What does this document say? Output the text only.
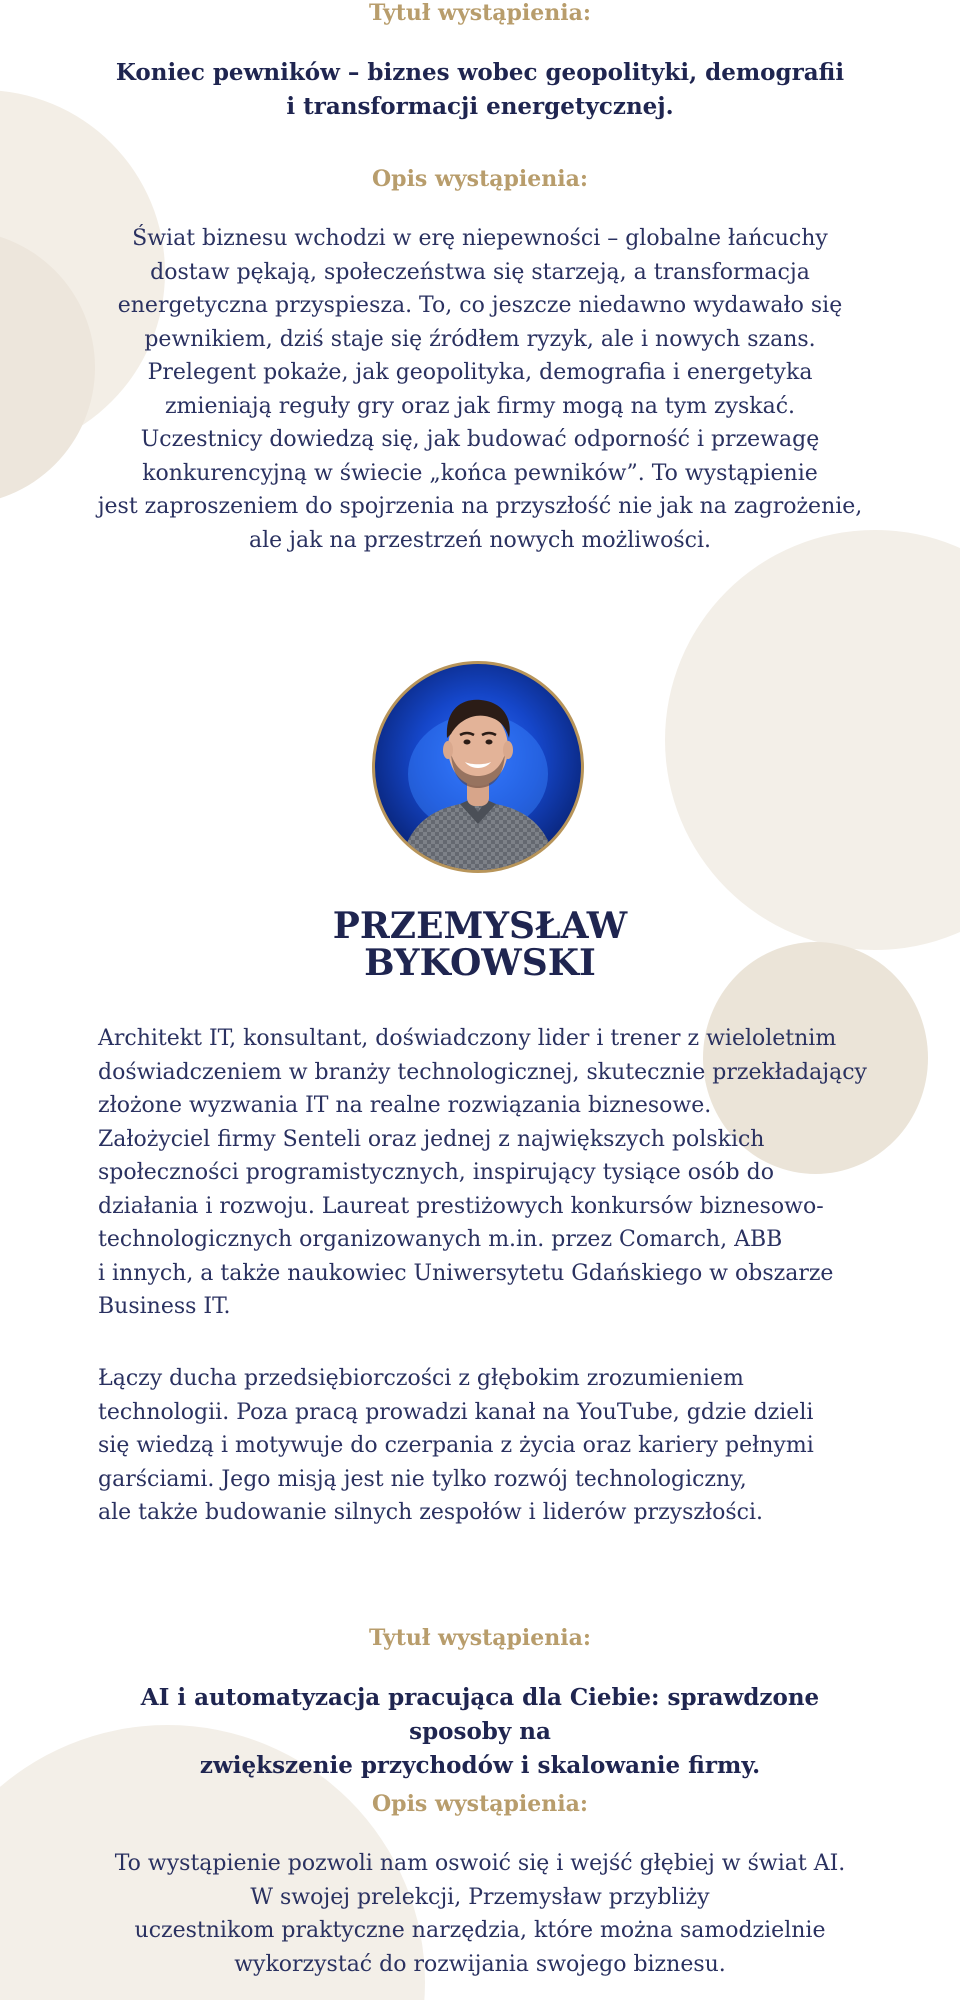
Tytuł wystąpienia:
Koniec pewników – biznes wobec geopolityki, demografii
i transformacji energetycznej.
Opis wystąpienia:
Świat biznesu wchodzi w erę niepewności – globalne łańcuchy
dostaw pękają, społeczeństwa się starzeją, a transformacja
energetyczna przyspiesza. To, co jeszcze niedawno wydawało się
pewnikiem, dziś staje się źródłem ryzyk, ale i nowych szans.
Prelegent pokaże, jak geopolityka, demografia i energetyka
zmieniają reguły gry oraz jak firmy mogą na tym zyskać.
Uczestnicy dowiedzą się, jak budować odporność i przewagę
konkurencyjną w świecie „końca pewników”. To wystąpienie
jest zaproszeniem do spojrzenia na przyszłość nie jak na zagrożenie,
ale jak na przestrzeń nowych możliwości.
PRZEMYSŁAW
BYKOWSKI
Architekt IT, konsultant, doświadczony lider i trener z wieloletnim
doświadczeniem w branży technologicznej, skutecznie przekładający
złożone wyzwania IT na realne rozwiązania biznesowe.
Założyciel firmy Senteli oraz jednej z największych polskich
społeczności programistycznych, inspirujący tysiące osób do
działania i rozwoju. Laureat prestiżowych konkursów biznesowo-
technologicznych organizowanych m.in. przez Comarch, ABB
i innych, a także naukowiec Uniwersytetu Gdańskiego w obszarze
Business IT.
Łączy ducha przedsiębiorczości z głębokim zrozumieniem
technologii. Poza pracą prowadzi kanał na YouTube, gdzie dzieli
się wiedzą i motywuje do czerpania z życia oraz kariery pełnymi
garściami. Jego misją jest nie tylko rozwój technologiczny,
ale także budowanie silnych zespołów i liderów przyszłości.
Tytuł wystąpienia:
AI i automatyzacja pracująca dla Ciebie: sprawdzone sposoby na
zwiększenie przychodów i skalowanie firmy.
Opis wystąpienia:
To wystąpienie pozwoli nam oswoić się i wejść głębiej w świat AI.
W swojej prelekcji, Przemysław przybliży
uczestnikom praktyczne narzędzia, które można samodzielnie
wykorzystać do rozwijania swojego biznesu.
